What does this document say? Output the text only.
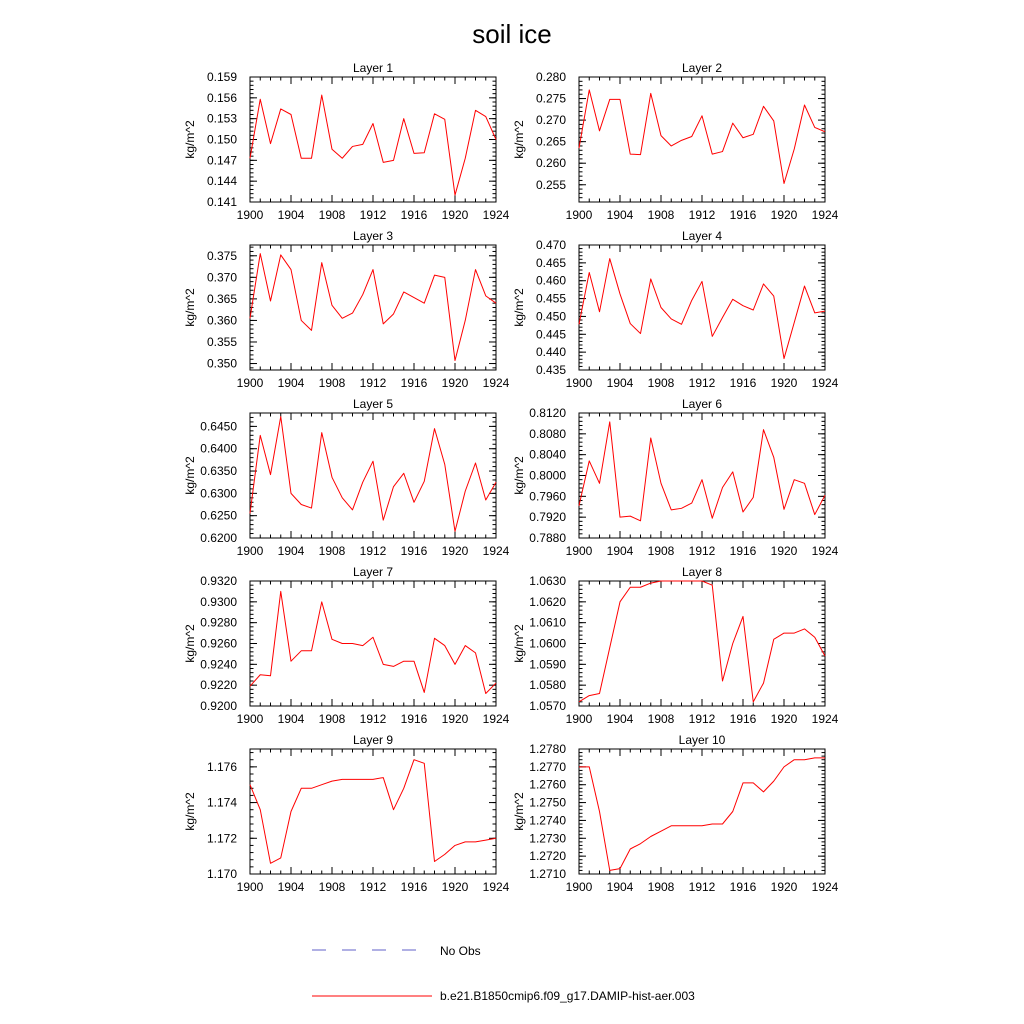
soil ice
Layer 1
kg/m^2
1900 1904 1908 1912 1916 1920 1924
0.141
0.144
0.147
0.150
0.153
0.156
0.159
Layer 2
kg/m^2
1900 1904 1908 1912 1916 1920 1924
0.255
0.260
0.265
0.270
0.275
0.280
Layer 3
kg/m^2
1900 1904 1908 1912 1916 1920 1924
0.350
0.355
0.360
0.365
0.370
0.375
Layer 4
kg/m^2
1900 1904 1908 1912 1916 1920 1924
0.435
0.440
0.445
0.450
0.455
0.460
0.465
0.470
Layer 5
kg/m^2
1900 1904 1908 1912 1916 1920 1924
0.6200
0.6250
0.6300
0.6350
0.6400
0.6450
Layer 6
kg/m^2
1900 1904 1908 1912 1916 1920 1924
0.7880
0.7920
0.7960
0.8000
0.8040
0.8080
0.8120
Layer 7
kg/m^2
1900 1904 1908 1912 1916 1920 1924
0.9200
0.9220
0.9240
0.9260
0.9280
0.9300
0.9320
Layer 8
kg/m^2
1900 1904 1908 1912 1916 1920 1924
1.0570
1.0580
1.0590
1.0600
1.0610
1.0620
1.0630
Layer 9
kg/m^2
1900 1904 1908 1912 1916 1920 1924
1.170
1.172
1.174
1.176
Layer 10
kg/m^2
1900 1904 1908 1912 1916 1920 1924
1.2710
1.2720
1.2730
1.2740
1.2750
1.2760
1.2770
1.2780
No Obs
b.e21.B1850cmip6.f09_g17.DAMIP-hist-aer.003
